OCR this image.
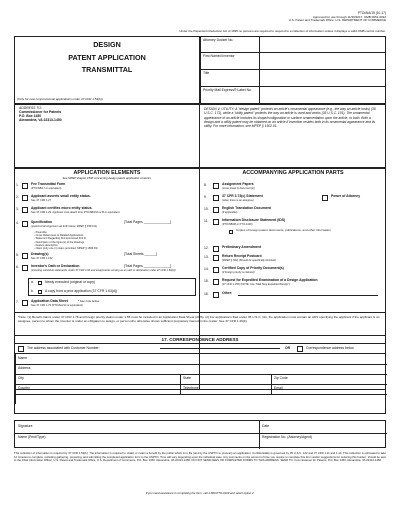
PTO/AIA/15 (10-17)
Approved for use through 11/30/2017. OMB 0651-0032
U.S. Patent and Trademark Office; U.S. DEPARTMENT OF COMMERCE
Under the Paperwork Reduction Act of 1995 no persons are required to respond to a collection of information unless it displays a valid OMB control number.
DESIGN
PATENT APPLICATION
TRANSMITTAL
(Only for new nonprovisional applications under 37 CFR 1.53(b))
Attorney Docket No.
First Named Inventor
Title
Priority Mail Express® Label No.
ADDRESS TO:
Commissioner for Patents
P.O. Box 1450
Alexandria, VA 22313-1450
DESIGN V. UTILITY: A "design patent" protects an article's ornamental appearance (e.g., the way an article looks) (35 U.S.C. 171), while a "utility patent" protects the way an article is used and works (35 U.S.C. 101). The ornamental appearance of an article includes its shape/configuration or surface ornamentation upon the article, or both. Both a design and a utility patent may be obtained on an article if invention resides both in its ornamental appearance and its utility. For more information, see MPEP § 1502.01.
APPLICATION ELEMENTS
See MPEP chapter 1500 concerning design patent application contents.
ACCOMPANYING APPLICATION PARTS
1.	Fee Transmittal Form
(PTO/SB/17 or equivalent)
2.	Applicant asserts small entity status.
See 37 CFR 1.27
3.	Applicant certifies micro entity status.
See 37 CFR 1.29. Applicant must attach form PTO/SB/15A or B or equivalent.
4.	Specification	[Total Pages ______________]
(preferred arrangement set forth below, MPEP § 1503.01)
- Preamble
- Cross References to Related Applications
- Statement Regarding Fed sponsored R & D
- Description of the figure(s) of the drawings
- Feature description
- Claim (only one (1) claim permitted, MPEP § 1503.03)
5.	Drawing(s)	[Total Sheets ______]
See 37 CFR 1.152
6.	Inventor's Oath or Declaration	[Total Pages ______________]
(including substitute statements under 37 CFR 1.64 and assignments serving as an oath or declaration under 37 CFR 1.63(e))
a.	Newly executed (original or copy)
b.	A copy from a prior application (37 CFR 1.63(d))
7.	Application Data Sheet	* See note below.
See 37 CFR 1.76 (PTO/AIA/14 or equivalent)
8.	Assignment Papers
(cover sheet & document(s))
9.	37 CFR 3.73(c) Statement	Power of Attorney
(when there is an assignee)
10.	English Translation Document
(if applicable)
11.	Information Disclosure Statement (IDS)
(PTO/SB/08 or PTO-1449)
Copies of foreign patent documents, publications, and other information
12.	Preliminary Amendment
13.	Return Receipt Postcard
(MPEP § 503) (Should be specifically itemized)
14.	Certified Copy of Priority Document(s)
(if foreign priority is claimed)
15.	Request for Expedited Examination of a Design Application
(37 CFR 1.155) (NOTE: Use "Mail Stop Expedited Design")
16.	Other:
*Note: (1) Benefit claims under 37 CFR 1.78 and foreign priority claims under 1.55 must be included in an Application Data Sheet (ADS). (2) For applications filed under 35 U.S.C. 111, the application must contain an ADS specifying the applicant if the applicant is an assignee, person to whom the inventor is under an obligation to assign, or person who otherwise shows sufficient proprietary interest in the matter. See 37 CFR 1.46(b).
17. CORRESPONDENCE ADDRESS
The address associated with Customer Number:	OR	Correspondence address below
Name
Address
City	State	Zip Code
Country	Telephone	Email
Signature	Date
Name (Print/Type)	Registration No. (Attorney/Agent)
This collection of information is required by 37 CFR 1.53(b). The information is required to obtain or retain a benefit by the public which is to file (and by the USPTO to process) an application. Confidentiality is governed by 35 U.S.C. 122 and 37 CFR 1.11 and 1.14. This collection is estimated to take 12 minutes to complete, including gathering, preparing, and submitting the completed application form to the USPTO. Time will vary depending upon the individual case. Any comments on the amount of time you require to complete this form and/or suggestions for reducing this burden, should be sent to the Chief Information Officer, U.S. Patent and Trademark Office, U.S. Department of Commerce, P.O. Box 1450, Alexandria, VA 22313-1450. DO NOT SEND FEES OR COMPLETED FORMS TO THIS ADDRESS. SEND TO: Commissioner for Patents, P.O. Box 1450, Alexandria, VA 22313-1450.
If you need assistance in completing the form, call 1-800-PTO-9199 and select option 2.
